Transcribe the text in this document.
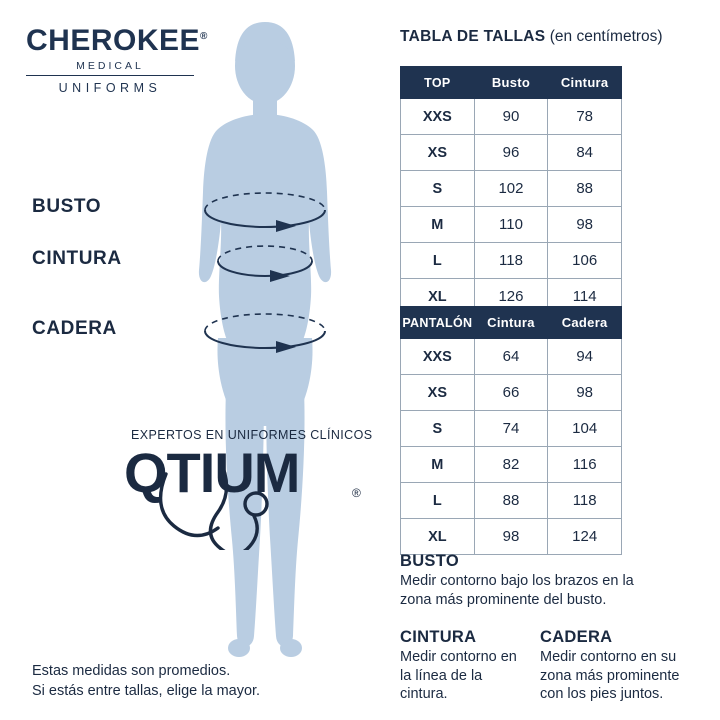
CHEROKEE®
MEDICAL
UNIFORMS
BUSTO
CINTURA
CADERA
EXPERTOS EN UNIFORMES CLÍNICOS
QTIUM	®
Estas medidas son promedios.
Si estás entre tallas, elige la mayor.
TABLA DE TALLAS (en centímetros)
TOP	Busto	Cintura
XXS	90	78
XS	96	84
S	102	88
M	110	98
L	118	106
XL	126	114
PANTALÓN	Cintura	Cadera
XXS	64	94
XS	66	98
S	74	104
M	82	116
L	88	118
XL	98	124
BUSTO
Medir contorno bajo los brazos en la zona más prominente del busto.
CINTURA
Medir contorno en la línea de la cintura.
CADERA
Medir contorno en su zona más prominente con los pies juntos.
